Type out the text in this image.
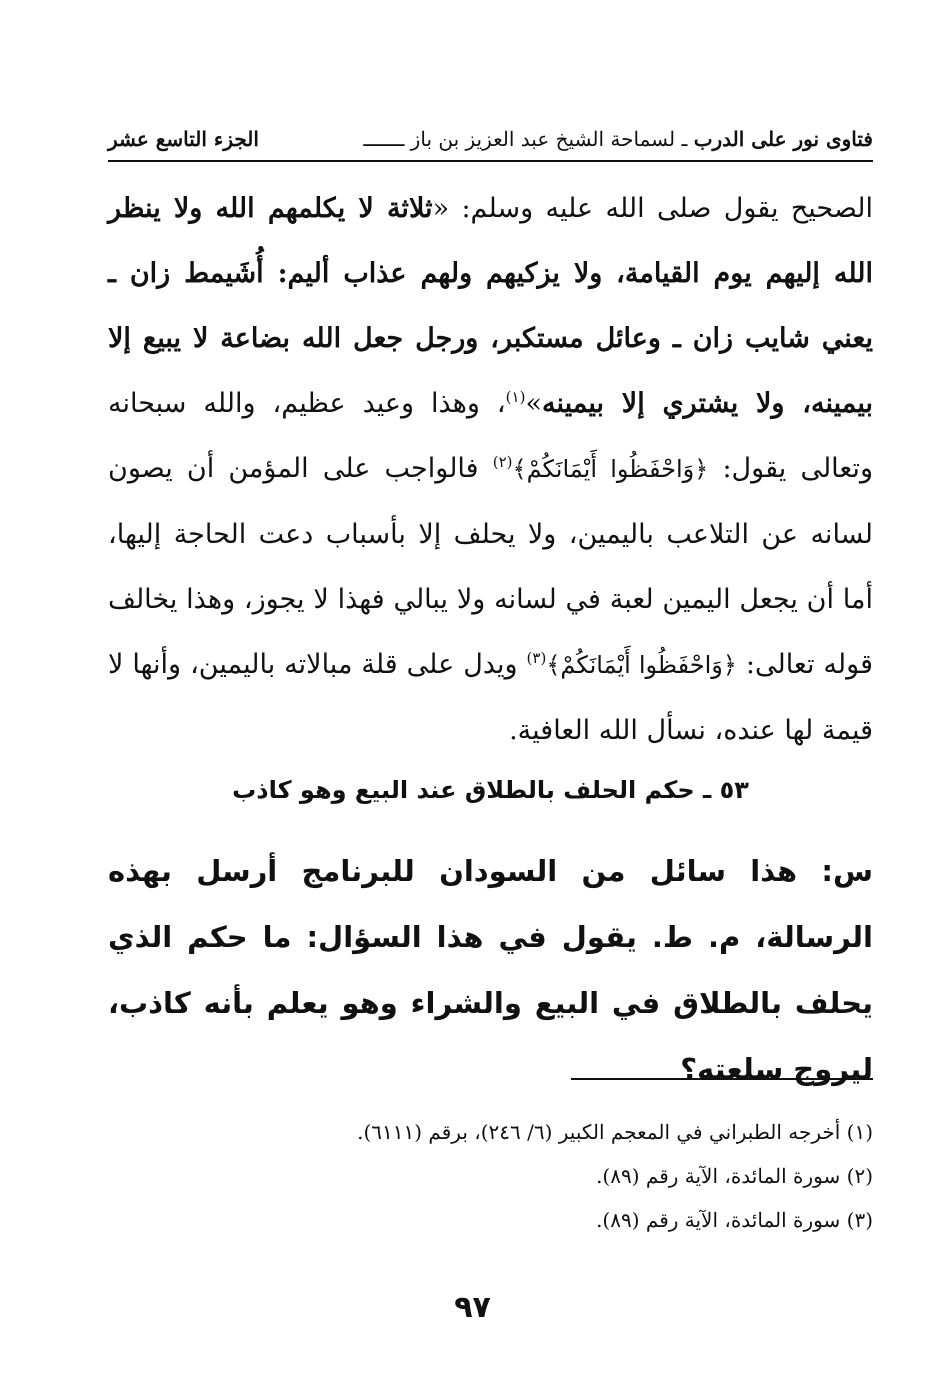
فتاوى نور على الدرب ـ لسماحة الشيخ عبد العزيز بن باز ـــــــ
الجزء التاسع عشر
الصحيح يقول صلى الله عليه وسلم: «ثلاثة لا يكلمهم الله ولا ينظر الله إليهم يوم القيامة، ولا يزكيهم ولهم عذاب أليم: أُشَيمط زان ـ يعني شايب زان ـ وعائل مستكبر، ورجل جعل الله بضاعة لا يبيع إلا بيمينه، ولا يشتري إلا بيمينه»$^{(١)}$، وهذا وعيد عظيم، والله سبحانه وتعالى يقول: ﴿وَاحْفَظُوا أَيْمَانَكُمْ﴾$^{(٢)}$ فالواجب على المؤمن أن يصون لسانه عن التلاعب باليمين، ولا يحلف إلا بأسباب دعت الحاجة إليها، أما أن يجعل اليمين لعبة في لسانه ولا يبالي فهذا لا يجوز، وهذا يخالف قوله تعالى: ﴿وَاحْفَظُوا أَيْمَانَكُمْ﴾$^{(٣)}$ ويدل على قلة مبالاته باليمين، وأنها لا قيمة لها عنده، نسأل الله العافية.
٥٣ ـ حكم الحلف بالطلاق عند البيع وهو كاذب
س: هذا سائل من السودان للبرنامج أرسل بهذه الرسالة، م. ط. يقول في هذا السؤال: ما حكم الذي يحلف بالطلاق في البيع والشراء وهو يعلم بأنه كاذب، ليروج سلعته؟
(١) أخرجه الطبراني في المعجم الكبير (٦/ ٢٤٦)، برقم (٦١١١).
(٢) سورة المائدة، الآية رقم (٨٩).
(٣) سورة المائدة، الآية رقم (٨٩).
٩٧
